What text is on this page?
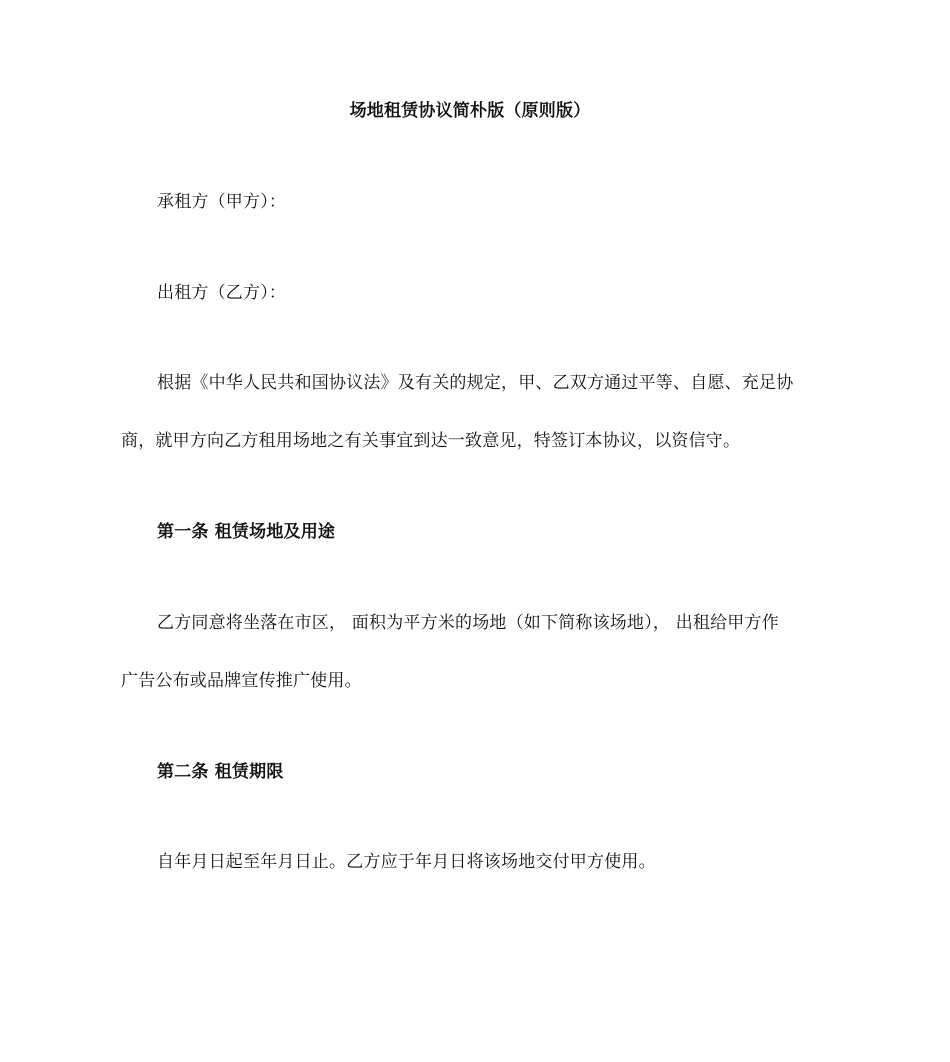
场地租赁协议简朴版（原则版）
承租方（甲方）：
出租方（乙方）：
根据《中华人民共和国协议法》及有关的规定，甲、乙双方通过平等、自愿、充足协
商，就甲方向乙方租用场地之有关事宜到达一致意见，特签订本协议，以资信守。
第一条 租赁场地及用途
乙方同意将坐落在市区， 面积为平方米的场地（如下简称该场地）， 出租给甲方作
广告公布或品牌宣传推广使用。
第二条 租赁期限
自年月日起至年月日止。乙方应于年月日将该场地交付甲方使用。
